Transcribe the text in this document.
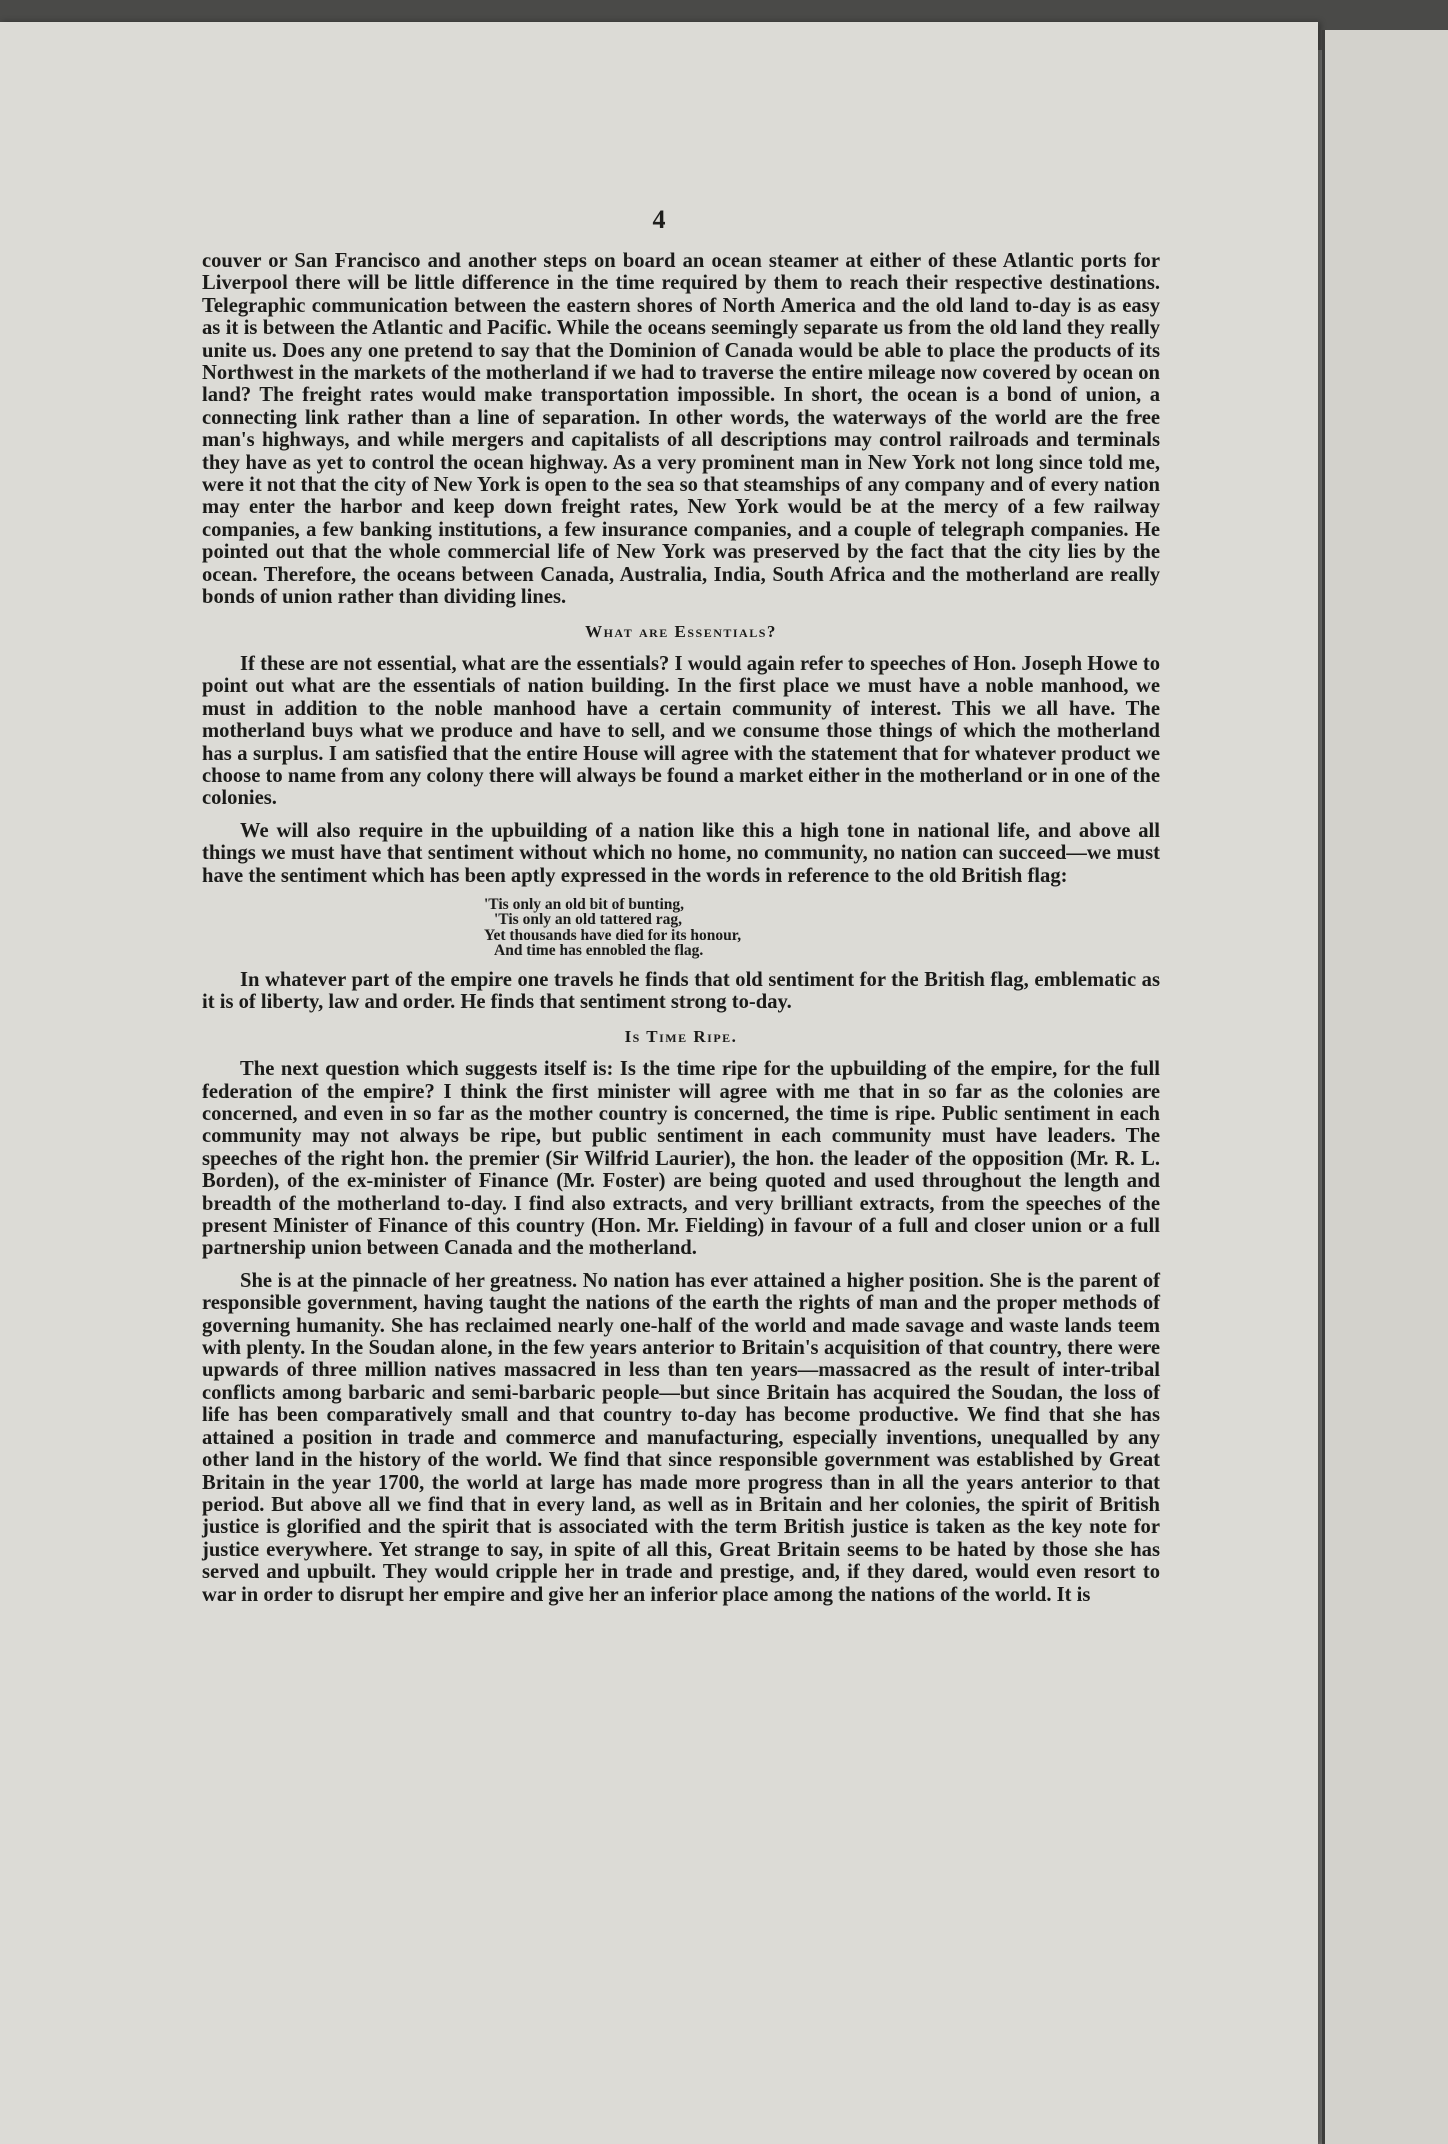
4

couver or San Francisco and another steps on board an ocean steamer at either of these Atlantic ports for Liverpool there will be little difference in the time required by them to reach their respective destinations. Telegraphic communication between the eastern shores of North America and the old land to-day is as easy as it is between the Atlantic and Pacific. While the oceans seemingly separate us from the old land they really unite us. Does any one pretend to say that the Dominion of Canada would be able to place the products of its Northwest in the markets of the motherland if we had to traverse the entire mileage now covered by ocean on land? The freight rates would make transportation impossible. In short, the ocean is a bond of union, a connecting link rather than a line of separation. In other words, the waterways of the world are the free man's highways, and while mergers and capitalists of all descriptions may control railroads and terminals they have as yet to control the ocean highway. As a very prominent man in New York not long since told me, were it not that the city of New York is open to the sea so that steamships of any company and of every nation may enter the harbor and keep down freight rates, New York would be at the mercy of a few railway companies, a few banking institutions, a few insurance companies, and a couple of telegraph companies. He pointed out that the whole commercial life of New York was preserved by the fact that the city lies by the ocean. Therefore, the oceans between Canada, Australia, India, South Africa and the motherland are really bonds of union rather than dividing lines.

What are Essentials?

If these are not essential, what are the essentials? I would again refer to speeches of Hon. Joseph Howe to point out what are the essentials of nation building. In the first place we must have a noble manhood, we must in addition to the noble manhood have a certain community of interest. This we all have. The motherland buys what we produce and have to sell, and we consume those things of which the motherland has a surplus. I am satisfied that the entire House will agree with the statement that for whatever product we choose to name from any colony there will always be found a market either in the motherland or in one of the colonies.

We will also require in the upbuilding of a nation like this a high tone in national life, and above all things we must have that sentiment without which no home, no community, no nation can succeed—we must have the sentiment which has been aptly expressed in the words in reference to the old British flag:

'Tis only an old bit of bunting,
'Tis only an old tattered rag,
Yet thousands have died for its honour,
And time has ennobled the flag.

In whatever part of the empire one travels he finds that old sentiment for the British flag, emblematic as it is of liberty, law and order. He finds that sentiment strong to-day.

Is Time Ripe.

The next question which suggests itself is: Is the time ripe for the upbuilding of the empire, for the full federation of the empire? I think the first minister will agree with me that in so far as the colonies are concerned, and even in so far as the mother country is concerned, the time is ripe. Public sentiment in each community may not always be ripe, but public sentiment in each community must have leaders. The speeches of the right hon. the premier (Sir Wilfrid Laurier), the hon. the leader of the opposition (Mr. R. L. Borden), of the ex-minister of Finance (Mr. Foster) are being quoted and used throughout the length and breadth of the motherland to-day. I find also extracts, and very brilliant extracts, from the speeches of the present Minister of Finance of this country (Hon. Mr. Fielding) in favour of a full and closer union or a full partnership union between Canada and the motherland.

She is at the pinnacle of her greatness. No nation has ever attained a higher position. She is the parent of responsible government, having taught the nations of the earth the rights of man and the proper methods of governing humanity. She has reclaimed nearly one-half of the world and made savage and waste lands teem with plenty. In the Soudan alone, in the few years anterior to Britain's acquisition of that country, there were upwards of three million natives massacred in less than ten years—massacred as the result of inter-tribal conflicts among barbaric and semi-barbaric people—but since Britain has acquired the Soudan, the loss of life has been comparatively small and that country to-day has become productive. We find that she has attained a position in trade and commerce and manufacturing, especially inventions, unequalled by any other land in the history of the world. We find that since responsible government was established by Great Britain in the year 1700, the world at large has made more progress than in all the years anterior to that period. But above all we find that in every land, as well as in Britain and her colonies, the spirit of British justice is glorified and the spirit that is associated with the term British justice is taken as the key note for justice everywhere. Yet strange to say, in spite of all this, Great Britain seems to be hated by those she has served and upbuilt. They would cripple her in trade and prestige, and, if they dared, would even resort to war in order to disrupt her empire and give her an inferior place among the nations of the world. It is
